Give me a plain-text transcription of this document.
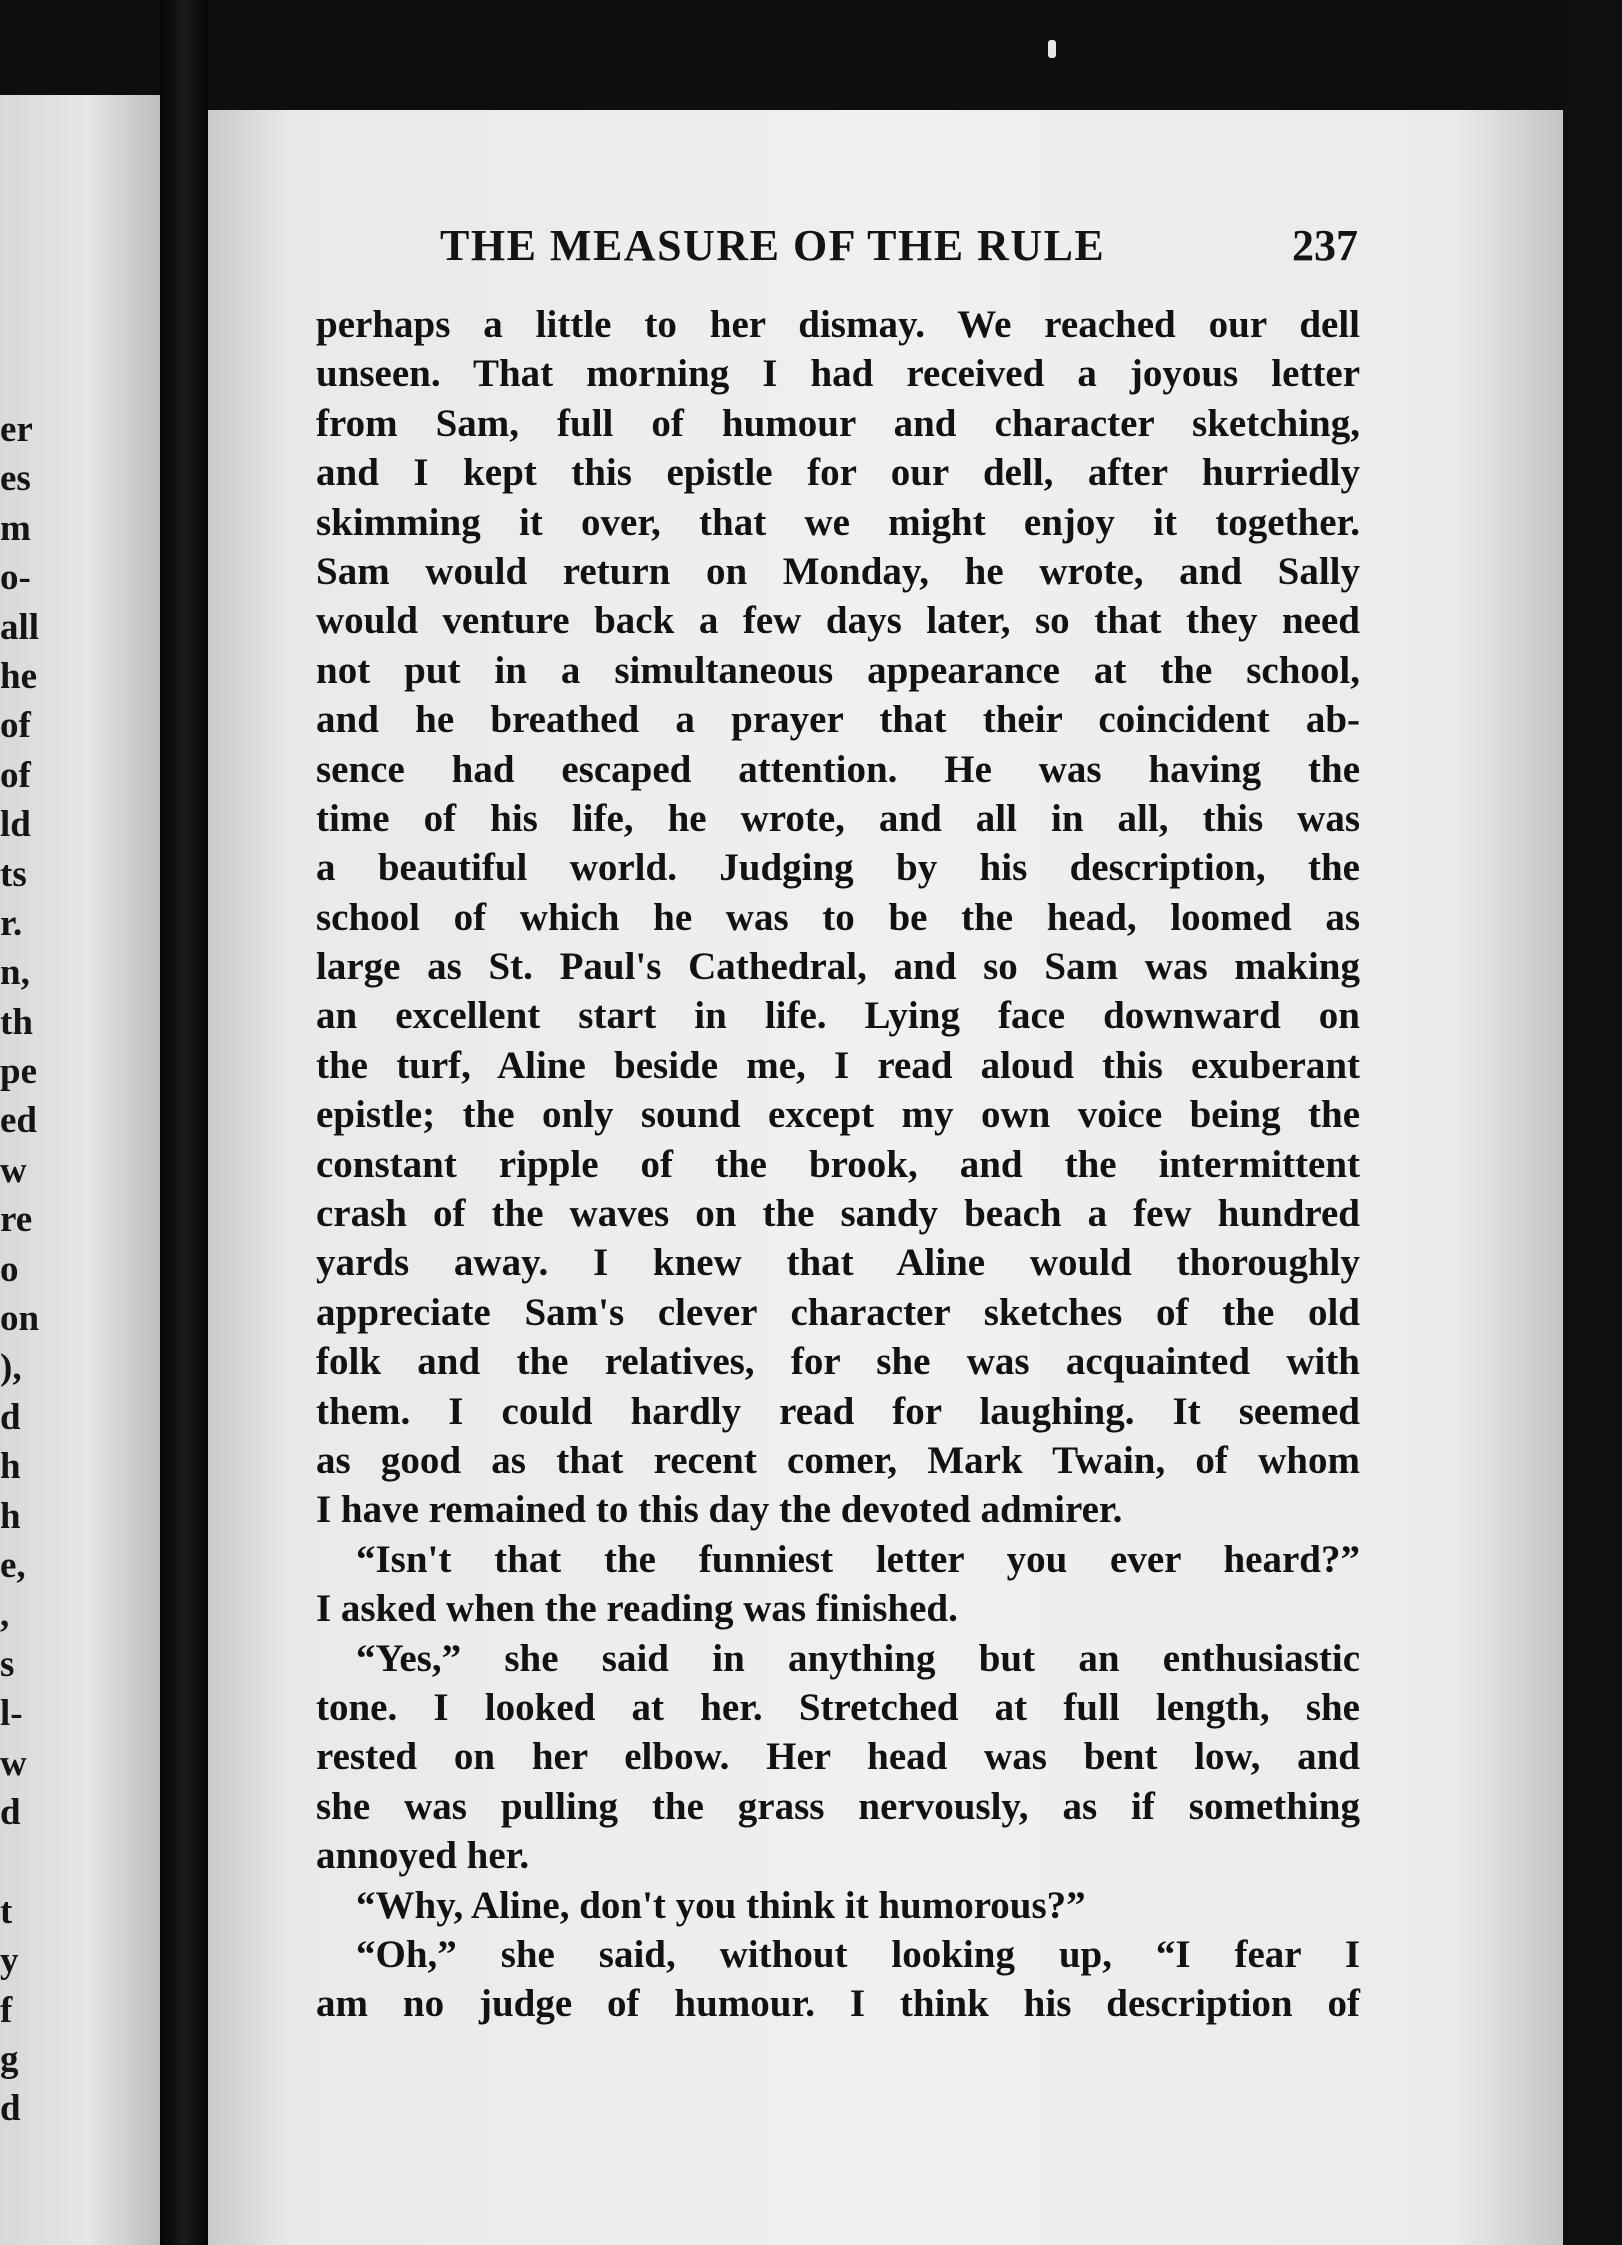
er
es
m
o-
all
he
of
of
ld
ts
r.
n,
th
pe
ed
w
re
o
on
),
d
h
h
e,
,
s
l-
w
d
t
y
f
g
d
THE MEASURE OF THE RULE	237
perhaps a little to her dismay. We reached our dell
unseen. That morning I had received a joyous letter
from Sam, full of humour and character sketching,
and I kept this epistle for our dell, after hurriedly
skimming it over, that we might enjoy it together.
Sam would return on Monday, he wrote, and Sally
would venture back a few days later, so that they need
not put in a simultaneous appearance at the school,
and he breathed a prayer that their coincident ab-
sence had escaped attention. He was having the
time of his life, he wrote, and all in all, this was
a beautiful world. Judging by his description, the
school of which he was to be the head, loomed as
large as St. Paul's Cathedral, and so Sam was making
an excellent start in life. Lying face downward on
the turf, Aline beside me, I read aloud this exuberant
epistle; the only sound except my own voice being the
constant ripple of the brook, and the intermittent
crash of the waves on the sandy beach a few hundred
yards away. I knew that Aline would thoroughly
appreciate Sam's clever character sketches of the old
folk and the relatives, for she was acquainted with
them. I could hardly read for laughing. It seemed
as good as that recent comer, Mark Twain, of whom
I have remained to this day the devoted admirer.
“Isn't that the funniest letter you ever heard?”
I asked when the reading was finished.
“Yes,” she said in anything but an enthusiastic
tone. I looked at her. Stretched at full length, she
rested on her elbow. Her head was bent low, and
she was pulling the grass nervously, as if something
annoyed her.
“Why, Aline, don't you think it humorous?”
“Oh,” she said, without looking up, “I fear I
am no judge of humour. I think his description of
